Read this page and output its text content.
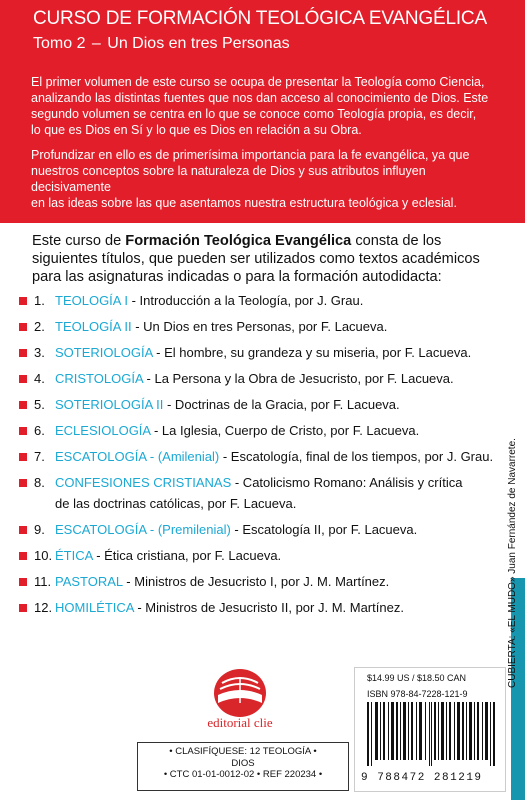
CURSO DE FORMACIÓN TEOLÓGICA EVANGÉLICA
Tomo 2 – Un Dios en tres Personas
El primer volumen de este curso se ocupa de presentar la Teología como Ciencia,
analizando las distintas fuentes que nos dan acceso al conocimiento de Dios. Este
segundo volumen se centra en lo que se conoce como Teología propia, es decir,
lo que es Dios en Sí y lo que es Dios en relación a su Obra.
Profundizar en ello es de primerísima importancia para la fe evangélica, ya que
nuestros conceptos sobre la naturaleza de Dios y sus atributos influyen decisivamente
en las ideas sobre las que asentamos nuestra estructura teológica y eclesial.
Este curso de Formación Teológica Evangélica consta de los siguientes títulos, que pueden ser utilizados como textos académicos para las asignaturas indicadas o para la formación autodidacta:
1. TEOLOGÍA I - Introducción a la Teología, por J. Grau.
2. TEOLOGÍA II - Un Dios en tres Personas, por F. Lacueva.
3. SOTERIOLOGÍA - El hombre, su grandeza y su miseria, por F. Lacueva.
4. CRISTOLOGÍA - La Persona y la Obra de Jesucristo, por F. Lacueva.
5. SOTERIOLOGÍA II - Doctrinas de la Gracia, por F. Lacueva.
6. ECLESIOLOGÍA - La Iglesia, Cuerpo de Cristo, por F. Lacueva.
7. ESCATOLOGÍA - (Amilenial) - Escatología, final de los tiempos, por J. Grau.
8. CONFESIONES CRISTIANAS - Catolicismo Romano: Análisis y crítica
de las doctrinas católicas, por F. Lacueva.
9. ESCATOLOGÍA - (Premilenial) - Escatología II, por F. Lacueva.
10. ÉTICA - Ética cristiana, por F. Lacueva.
11. PASTORAL - Ministros de Jesucristo I, por J. M. Martínez.
12. HOMILÉTICA - Ministros de Jesucristo II, por J. M. Martínez.
editorial clie
• CLASIFÍQUESE: 12 TEOLOGÍA •
DIOS
• CTC 01-01-0012-02 • REF 220234 •
$14.99 US / $18.50 CAN
ISBN 978-84-7228-121-9
9 788472 281219
CUBIERTA: «EL MUDO» Juan Fernández de Navarrete.
